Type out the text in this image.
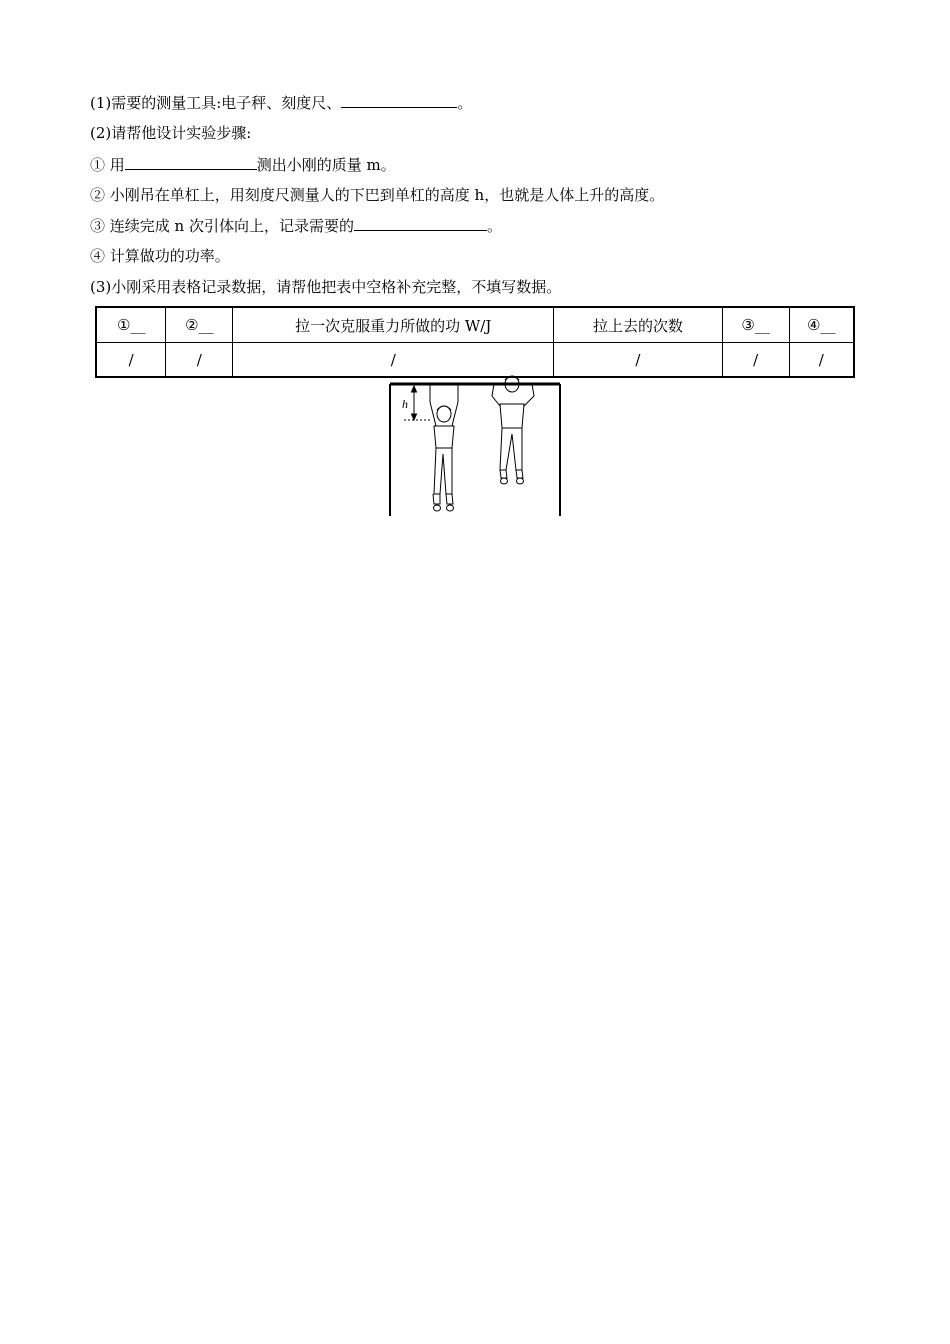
(1)需要的测量工具:电子秤、刻度尺、	。
(2)请帮他设计实验步骤:
① 用	测出小刚的质量 m。
② 小刚吊在单杠上，用刻度尺测量人的下巴到单杠的高度 h，也就是人体上升的高度。
③ 连续完成 n 次引体向上，记录需要的	。
④ 计算做功的功率。
(3)小刚采用表格记录数据，请帮他把表中空格补充完整，不填写数据。
①__	②__	拉一次克服重力所做的功 W/J	拉上去的次数	③__	④__
/	/	/	/	/	/
h
